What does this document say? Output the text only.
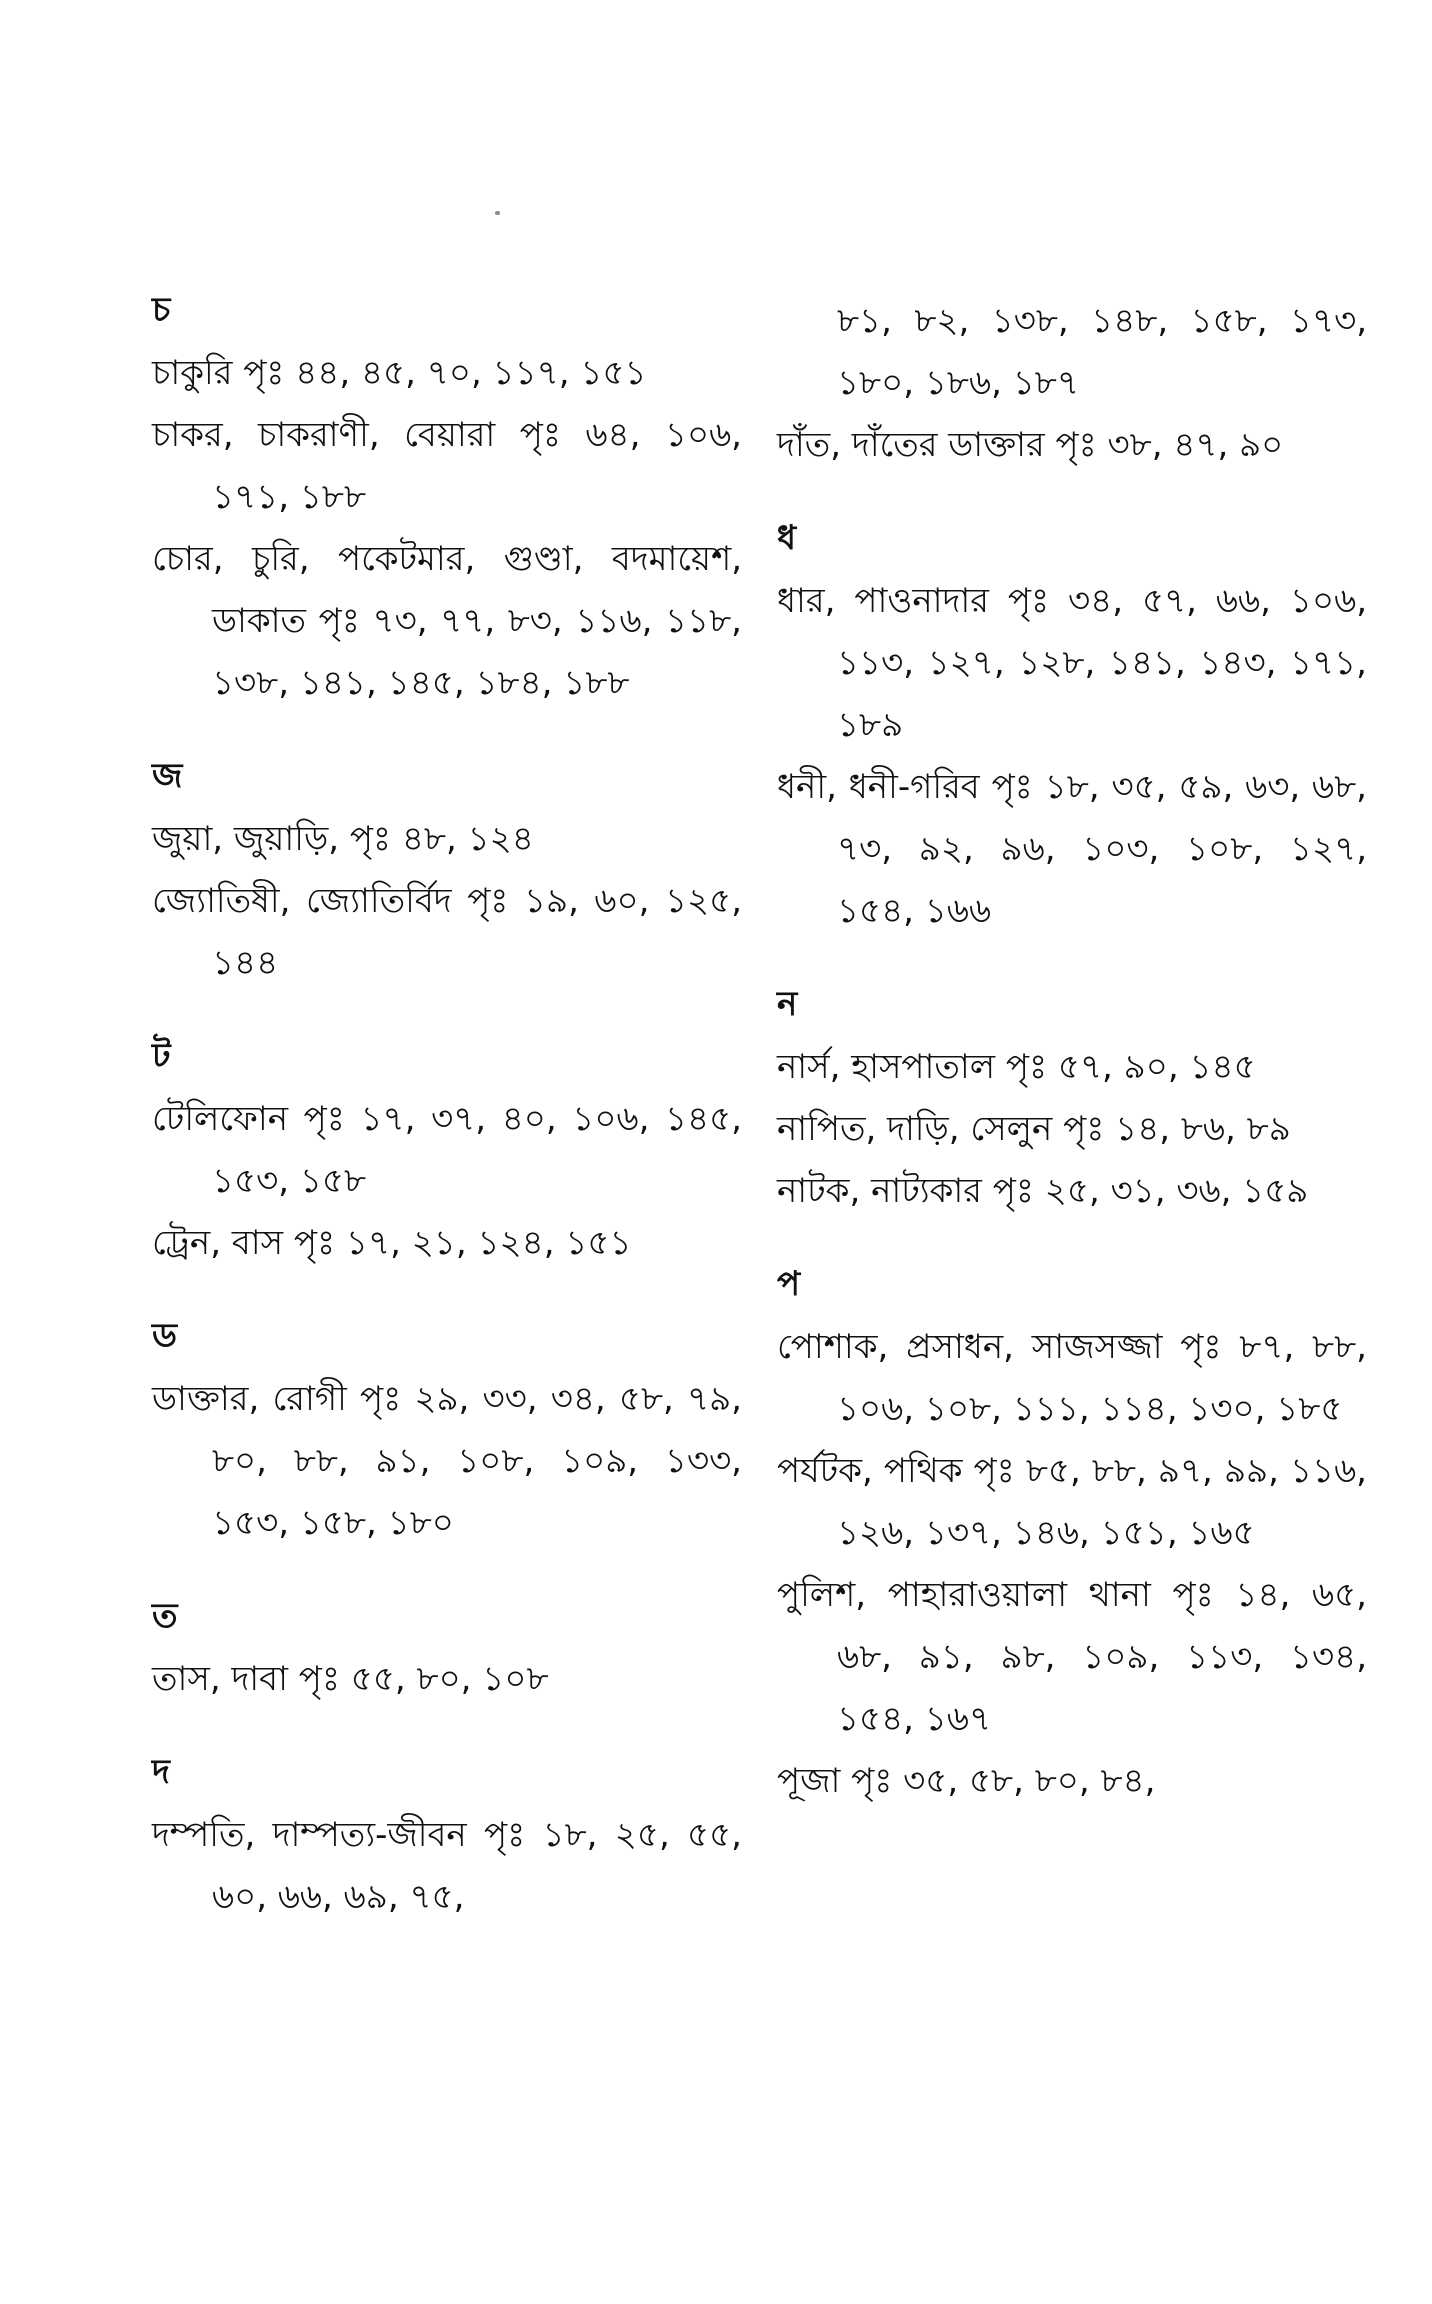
চ

চাকুরি পৃঃ ৪৪, ৪৫, ৭০, ১১৭, ১৫১

চাকর, চাকরাণী, বেয়ারা পৃঃ ৬৪, ১০৬, ১৭১, ১৮৮

চোর, চুরি, পকেটমার, গুণ্ডা, বদমায়েশ, ডাকাত পৃঃ ৭৩, ৭৭, ৮৩, ১১৬, ১১৮, ১৩৮, ১৪১, ১৪৫, ১৮৪, ১৮৮

জ

জুয়া, জুয়াড়ি, পৃঃ ৪৮, ১২৪

জ্যোতিষী, জ্যোতির্বিদ পৃঃ ১৯, ৬০, ১২৫, ১৪৪

ট

টেলিফোন পৃঃ ১৭, ৩৭, ৪০, ১০৬, ১৪৫, ১৫৩, ১৫৮

ট্রেন, বাস পৃঃ ১৭, ২১, ১২৪, ১৫১

ড

ডাক্তার, রোগী পৃঃ ২৯, ৩৩, ৩৪, ৫৮, ৭৯, ৮০, ৮৮, ৯১, ১০৮, ১০৯, ১৩৩, ১৫৩, ১৫৮, ১৮০

ত

তাস, দাবা পৃঃ ৫৫, ৮০, ১০৮

দ

দম্পতি, দাম্পত্য-জীবন পৃঃ ১৮, ২৫, ৫৫, ৬০, ৬৬, ৬৯, ৭৫,

৮১, ৮২, ১৩৮, ১৪৮, ১৫৮, ১৭৩, ১৮০, ১৮৬, ১৮৭

দাঁত, দাঁতের ডাক্তার পৃঃ ৩৮, ৪৭, ৯০

ধ

ধার, পাওনাদার পৃঃ ৩৪, ৫৭, ৬৬, ১০৬, ১১৩, ১২৭, ১২৮, ১৪১, ১৪৩, ১৭১, ১৮৯

ধনী, ধনী-গরিব পৃঃ ১৮, ৩৫, ৫৯, ৬৩, ৬৮, ৭৩, ৯২, ৯৬, ১০৩, ১০৮, ১২৭, ১৫৪, ১৬৬

ন

নার্স, হাসপাতাল পৃঃ ৫৭, ৯০, ১৪৫

নাপিত, দাড়ি, সেলুন পৃঃ ১৪, ৮৬, ৮৯

নাটক, নাট্যকার পৃঃ ২৫, ৩১, ৩৬, ১৫৯

প

পোশাক, প্রসাধন, সাজসজ্জা পৃঃ ৮৭, ৮৮, ১০৬, ১০৮, ১১১, ১১৪, ১৩০, ১৮৫

পর্যটক, পথিক পৃঃ ৮৫, ৮৮, ৯৭, ৯৯, ১১৬, ১২৬, ১৩৭, ১৪৬, ১৫১, ১৬৫

পুলিশ, পাহারাওয়ালা থানা পৃঃ ১৪, ৬৫, ৬৮, ৯১, ৯৮, ১০৯, ১১৩, ১৩৪, ১৫৪, ১৬৭

পূজা পৃঃ ৩৫, ৫৮, ৮০, ৮৪,
